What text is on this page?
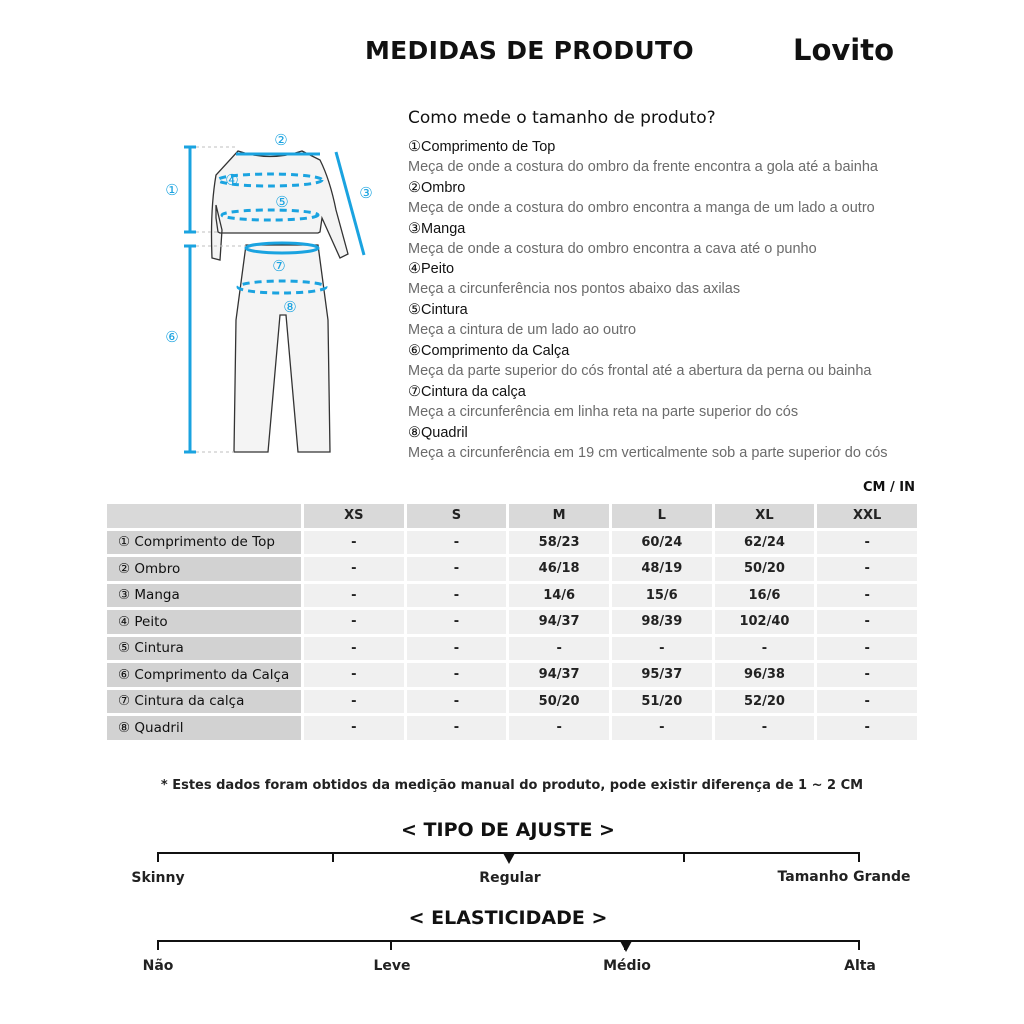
MEDIDAS DE PRODUTO	Lovito
①
②
③
④
⑤
⑥
⑦
⑧
Como mede o tamanho de produto?
①Comprimento de Top
Meça de onde a costura do ombro da frente encontra a gola até a bainha
②Ombro
Meça de onde a costura do ombro encontra a manga de um lado a outro
③Manga
Meça de onde a costura do ombro encontra a cava até o punho
④Peito
Meça a circunferência nos pontos abaixo das axilas
⑤Cintura
Meça a cintura de um lado ao outro
⑥Comprimento da Calça
Meça da parte superior do cós frontal até a abertura da perna ou bainha
⑦Cintura da calça
Meça a circunferência em linha reta na parte superior do cós
⑧Quadril
Meça a circunferência em 19 cm verticalmente sob a parte superior do cós
CM / IN
	XS	S	M	L	XL	XXL
① Comprimento de Top	-	-	58/23	60/24	62/24	-
② Ombro	-	-	46/18	48/19	50/20	-
③ Manga	-	-	14/6	15/6	16/6	-
④ Peito	-	-	94/37	98/39	102/40	-
⑤ Cintura	-	-	-	-	-	-
⑥ Comprimento da Calça	-	-	94/37	95/37	96/38	-
⑦ Cintura da calça	-	-	50/20	51/20	52/20	-
⑧ Quadril	-	-	-	-	-	-
* Estes dados foram obtidos da medição manual do produto, pode existir diferença de 1 ~ 2 CM
< TIPO DE AJUSTE >
Skinny	Regular	Tamanho Grande
< ELASTICIDADE >
Não	Leve	Médio	Alta
